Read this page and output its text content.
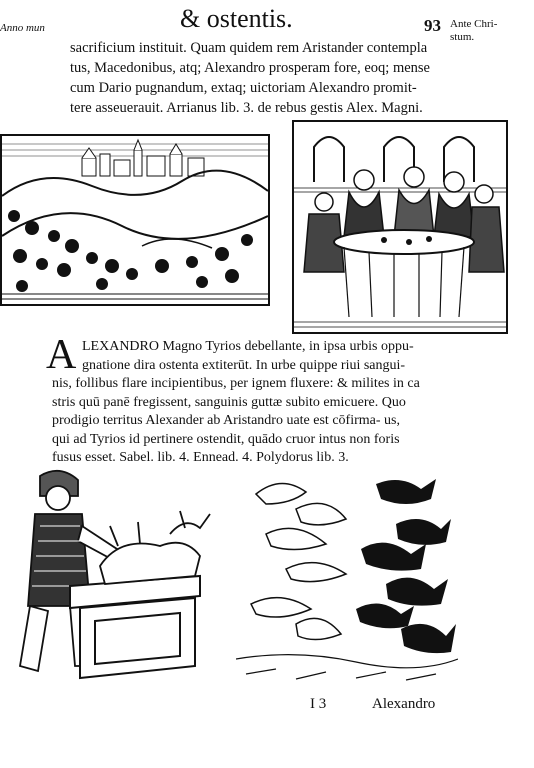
Anno mun	& ostentis.	93 Ante Chri-
stum.
sacrificium instituit. Quam quidem rem Aristander contempla
tus, Macedonibus, atq; Alexandro prosperam fore, eoq; mense
cum Dario pugnandum, extaq; uictoriam Alexandro promit-
tere asseuerauit. Arrianus lib. 3. de rebus gestis Alex. Magni.
A LEXANDRO Magno Tyrios debellante, in ipsa urbis oppu-
gnatione dira ostenta extiterūt. In urbe quippe riui sangui-
nis, follibus flare incipientibus, per ignem fluxere: & milites in ca
stris quū panē fregissent, sanguinis guttæ subito emicuere. Quo
prodigio territus Alexander ab Aristandro uate est cōfirma- us,
qui ad Tyrios id pertinere ostendit, quādo cruor intus non foris
fusus esset. Sabel. lib. 4. Ennead. 4. Polydorus lib. 3.
I 3	Alexandro
